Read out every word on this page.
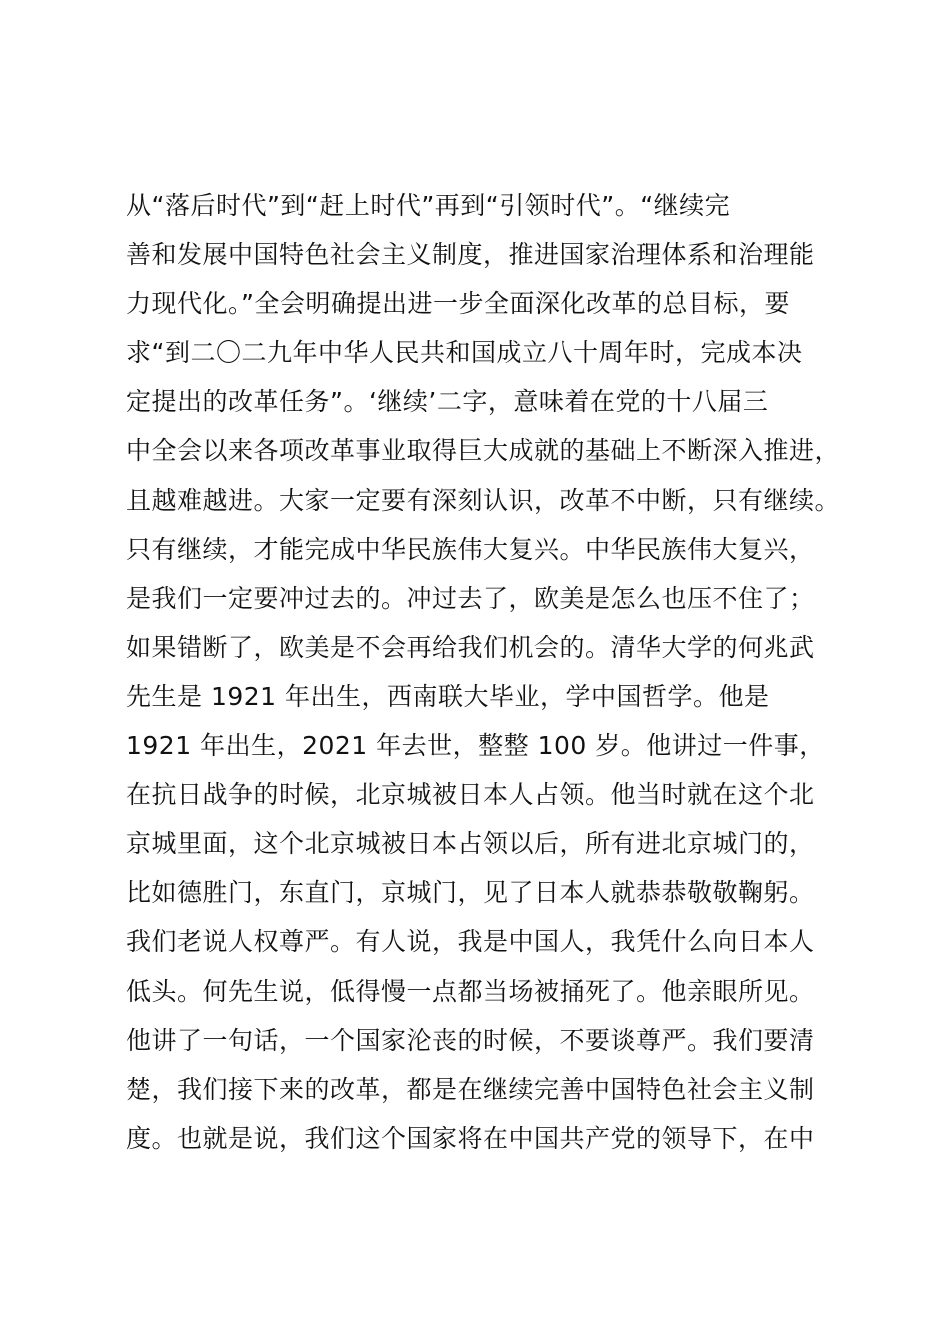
从“落后时代”到“赶上时代”再到“引领时代”。“继续完
善和发展中国特色社会主义制度，推进国家治理体系和治理能
力现代化。”全会明确提出进一步全面深化改革的总目标，要
求“到二〇二九年中华人民共和国成立八十周年时，完成本决
定提出的改革任务”。‘继续’二字，意味着在党的十八届三
中全会以来各项改革事业取得巨大成就的基础上不断深入推进，
且越难越进。大家一定要有深刻认识，改革不中断，只有继续。
只有继续，才能完成中华民族伟大复兴。中华民族伟大复兴，
是我们一定要冲过去的。冲过去了，欧美是怎么也压不住了；
如果错断了，欧美是不会再给我们机会的。清华大学的何兆武
先生是 1921 年出生，西南联大毕业，学中国哲学。他是
1921 年出生，2021 年去世，整整 100 岁。他讲过一件事，
在抗日战争的时候，北京城被日本人占领。他当时就在这个北
京城里面，这个北京城被日本占领以后，所有进北京城门的，
比如德胜门，东直门，京城门，见了日本人就恭恭敬敬鞠躬。
我们老说人权尊严。有人说，我是中国人，我凭什么向日本人
低头。何先生说，低得慢一点都当场被捅死了。他亲眼所见。
他讲了一句话，一个国家沦丧的时候，不要谈尊严。我们要清
楚，我们接下来的改革，都是在继续完善中国特色社会主义制
度。也就是说，我们这个国家将在中国共产党的领导下，在中
